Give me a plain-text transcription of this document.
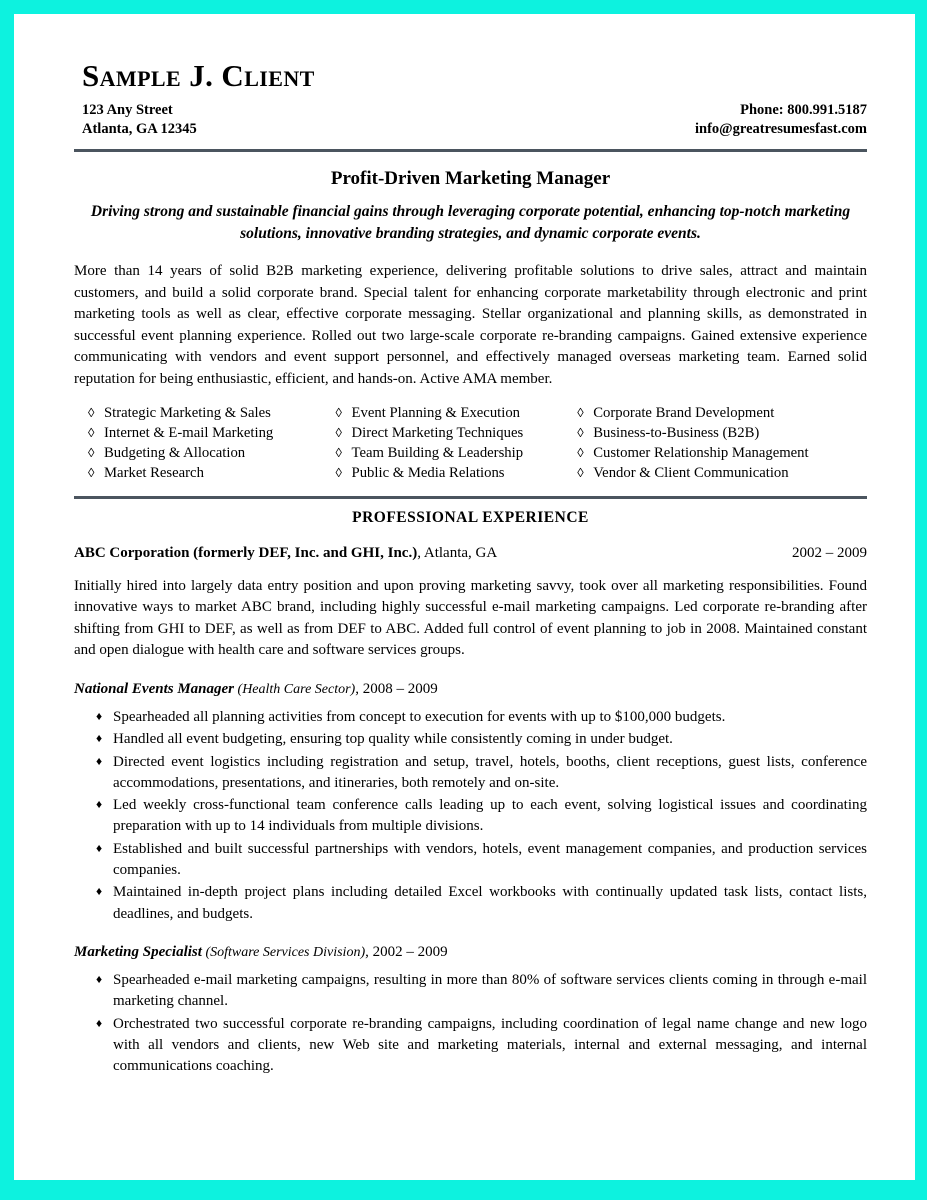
Sample J. Client
123 Any Street
Atlanta, GA 12345
Phone: 800.991.5187
info@greatresumesfast.com
Profit-Driven Marketing Manager
Driving strong and sustainable financial gains through leveraging corporate potential, enhancing top-notch marketing solutions, innovative branding strategies, and dynamic corporate events.
More than 14 years of solid B2B marketing experience, delivering profitable solutions to drive sales, attract and maintain customers, and build a solid corporate brand. Special talent for enhancing corporate marketability through electronic and print marketing tools as well as clear, effective corporate messaging. Stellar organizational and planning skills, as demonstrated in successful event planning experience. Rolled out two large-scale corporate re-branding campaigns. Gained extensive experience communicating with vendors and event support personnel, and effectively managed overseas marketing team. Earned solid reputation for being enthusiastic, efficient, and hands-on. Active AMA member.
◊ Strategic Marketing & Sales
◊ Internet & E-mail Marketing
◊ Budgeting & Allocation
◊ Market Research
◊ Event Planning & Execution
◊ Direct Marketing Techniques
◊ Team Building & Leadership
◊ Public & Media Relations
◊ Corporate Brand Development
◊ Business-to-Business (B2B)
◊ Customer Relationship Management
◊ Vendor & Client Communication
PROFESSIONAL EXPERIENCE
ABC Corporation (formerly DEF, Inc. and GHI, Inc.), Atlanta, GA	2002 – 2009
Initially hired into largely data entry position and upon proving marketing savvy, took over all marketing responsibilities. Found innovative ways to market ABC brand, including highly successful e-mail marketing campaigns. Led corporate re-branding after shifting from GHI to DEF, as well as from DEF to ABC. Added full control of event planning to job in 2008. Maintained constant and open dialogue with health care and software services groups.
National Events Manager (Health Care Sector), 2008 – 2009
♦ Spearheaded all planning activities from concept to execution for events with up to $100,000 budgets.
♦ Handled all event budgeting, ensuring top quality while consistently coming in under budget.
♦ Directed event logistics including registration and setup, travel, hotels, booths, client receptions, guest lists, conference accommodations, presentations, and itineraries, both remotely and on-site.
♦ Led weekly cross-functional team conference calls leading up to each event, solving logistical issues and coordinating preparation with up to 14 individuals from multiple divisions.
♦ Established and built successful partnerships with vendors, hotels, event management companies, and production services companies.
♦ Maintained in-depth project plans including detailed Excel workbooks with continually updated task lists, contact lists, deadlines, and budgets.
Marketing Specialist (Software Services Division), 2002 – 2009
♦ Spearheaded e-mail marketing campaigns, resulting in more than 80% of software services clients coming in through e-mail marketing channel.
♦ Orchestrated two successful corporate re-branding campaigns, including coordination of legal name change and new logo with all vendors and clients, new Web site and marketing materials, internal and external messaging, and internal communications coaching.
